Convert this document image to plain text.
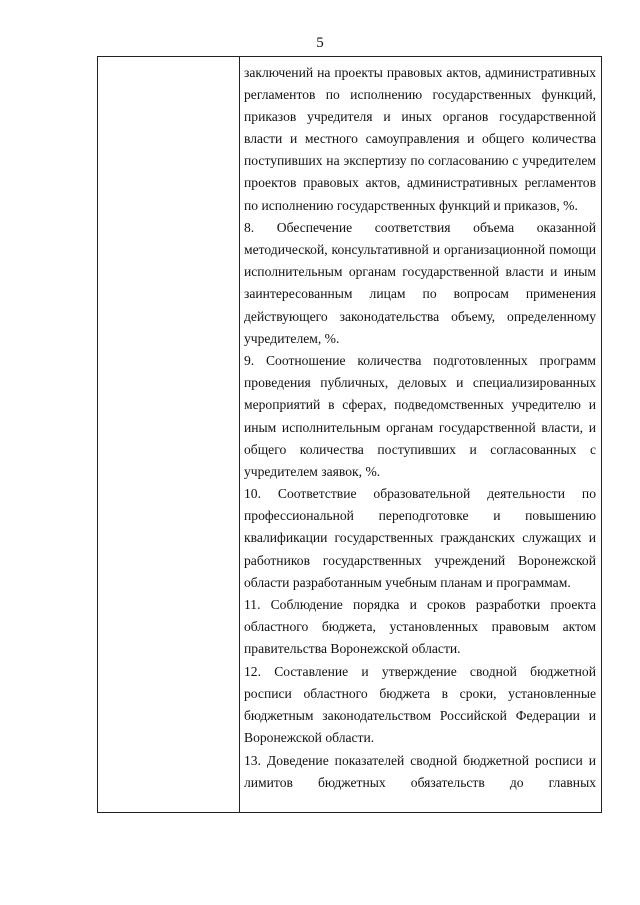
5

заключений на проекты правовых актов, административных регламентов по исполнению государственных функций, приказов учредителя и иных органов государственной власти и местного самоуправления и общего количества поступивших на экспертизу по согласованию с учредителем проектов правовых актов, административных регламентов по исполнению государственных функций и приказов, %.

8. Обеспечение соответствия объема оказанной методической, консультативной и организационной помощи исполнительным органам государственной власти и иным заинтересованным лицам по вопросам применения действующего законодательства объему, определенному учредителем, %.

9. Соотношение количества подготовленных программ проведения публичных, деловых и специализированных мероприятий в сферах, подведомственных учредителю и иным исполнительным органам государственной власти, и общего количества поступивших и согласованных с учредителем заявок, %.

10. Соответствие образовательной деятельности по профессиональной переподготовке и повышению квалификации государственных гражданских служащих и работников государственных учреждений Воронежской области разработанным учебным планам и программам.

11. Соблюдение порядка и сроков разработки проекта областного бюджета, установленных правовым актом правительства Воронежской области.

12. Составление и утверждение сводной бюджетной росписи областного бюджета в сроки, установленные бюджетным законодательством Российской Федерации и Воронежской области.

13. Доведение показателей сводной бюджетной росписи и лимитов бюджетных обязательств до главных
